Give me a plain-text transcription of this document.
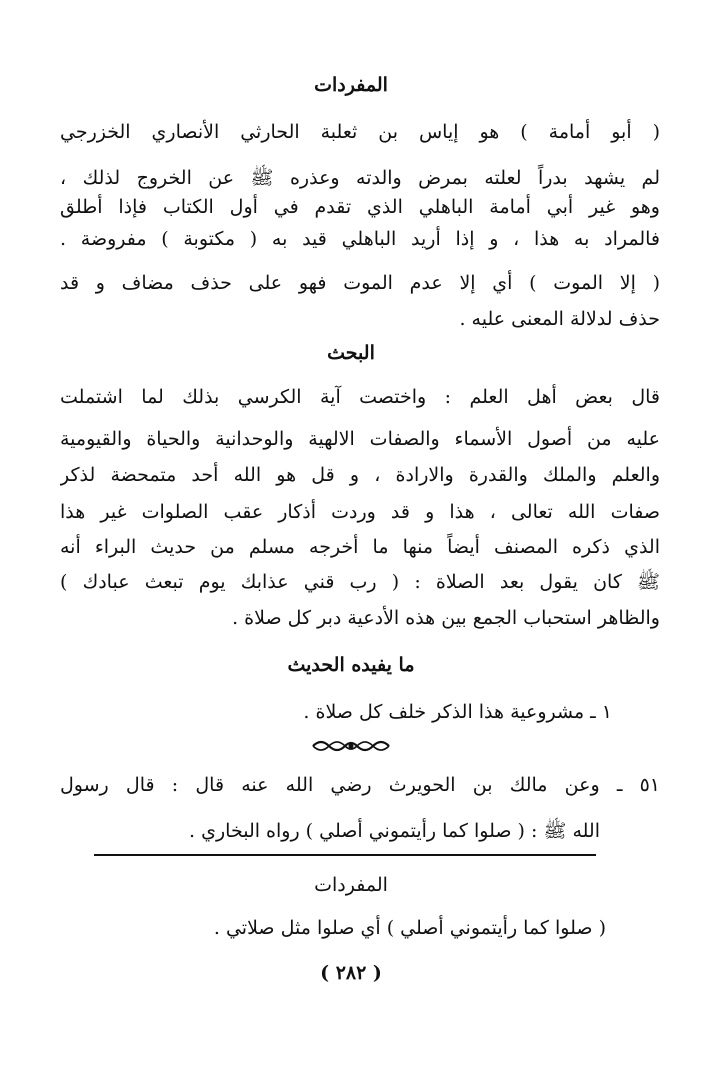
المفردات
( أبو أمامة ) هو إياس بن ثعلبة الحارثي الأنصاري الخزرجي
لم يشهد بدراً لعلته بمرض والدته وعذره ﷺ عن الخروج لذلك ،
وهو غير أبي أمامة الباهلي الذي تقدم في أول الكتاب فإذا أطلق
فالمراد به هذا ، و إذا أريد الباهلي قيد به ( مكتوبة ) مفروضة .
( إلا الموت ) أي إلا عدم الموت فهو على حذف مضاف و قد
حذف لدلالة المعنى عليه .
البحث
قال بعض أهل العلم : واختصت آية الكرسي بذلك لما اشتملت
عليه من أصول الأسماء والصفات الالهية والوحدانية والحياة والقيومية
والعلم والملك والقدرة والارادة ، و قل هو الله أحد متمحضة لذكر
صفات الله تعالى ، هذا و قد وردت أذكار عقب الصلوات غير هذا
الذي ذكره المصنف أيضاً منها ما أخرجه مسلم من حديث البراء أنه
ﷺ كان يقول بعد الصلاة : ( رب قني عذابك يوم تبعث عبادك )
والظاهر استحباب الجمع بين هذه الأدعية دبر كل صلاة .
ما يفيده الحديث
١ ـ مشروعية هذا الذكر خلف كل صلاة .
٥١ ـ وعن مالك بن الحويرث رضي الله عنه قال : قال رسول
الله ﷺ : ( صلوا كما رأيتموني أصلي ) رواه البخاري .
المفردات
( صلوا كما رأيتموني أصلي ) أي صلوا مثل صلاتي .
( ٢٨٢ )
